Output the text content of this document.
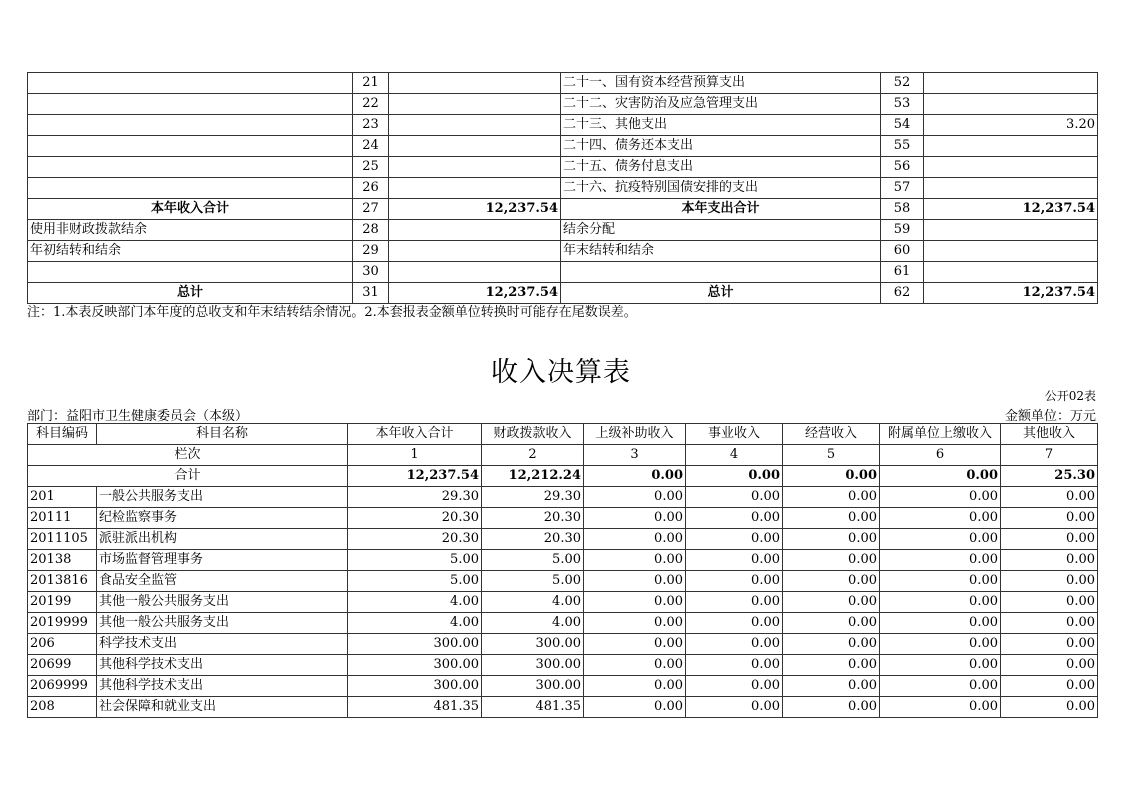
	21		二十一、国有资本经营预算支出	52	
	22		二十二、灾害防治及应急管理支出	53	
	23		二十三、其他支出	54	3.20
	24		二十四、债务还本支出	55	
	25		二十五、债务付息支出	56	
	26		二十六、抗疫特别国债安排的支出	57	
本年收入合计	27	12,237.54	本年支出合计	58	12,237.54
使用非财政拨款结余	28		结余分配	59	
年初结转和结余	29		年末结转和结余	60	
	30			61	
总计	31	12,237.54	总计	62	12,237.54
注：1.本表反映部门本年度的总收支和年末结转结余情况。2.本套报表金额单位转换时可能存在尾数误差。
收入决算表
公开02表
部门：益阳市卫生健康委员会（本级）	金额单位：万元
科目编码	科目名称	本年收入合计	财政拨款收入	上级补助收入	事业收入	经营收入	附属单位上缴收入	其他收入
栏次		1	2	3	4	5	6	7
合计		12,237.54	12,212.24	0.00	0.00	0.00	0.00	25.30
201	一般公共服务支出	29.30	29.30	0.00	0.00	0.00	0.00	0.00
20111	纪检监察事务	20.30	20.30	0.00	0.00	0.00	0.00	0.00
2011105	派驻派出机构	20.30	20.30	0.00	0.00	0.00	0.00	0.00
20138	市场监督管理事务	5.00	5.00	0.00	0.00	0.00	0.00	0.00
2013816	食品安全监管	5.00	5.00	0.00	0.00	0.00	0.00	0.00
20199	其他一般公共服务支出	4.00	4.00	0.00	0.00	0.00	0.00	0.00
2019999	其他一般公共服务支出	4.00	4.00	0.00	0.00	0.00	0.00	0.00
206	科学技术支出	300.00	300.00	0.00	0.00	0.00	0.00	0.00
20699	其他科学技术支出	300.00	300.00	0.00	0.00	0.00	0.00	0.00
2069999	其他科学技术支出	300.00	300.00	0.00	0.00	0.00	0.00	0.00
208	社会保障和就业支出	481.35	481.35	0.00	0.00	0.00	0.00	0.00
